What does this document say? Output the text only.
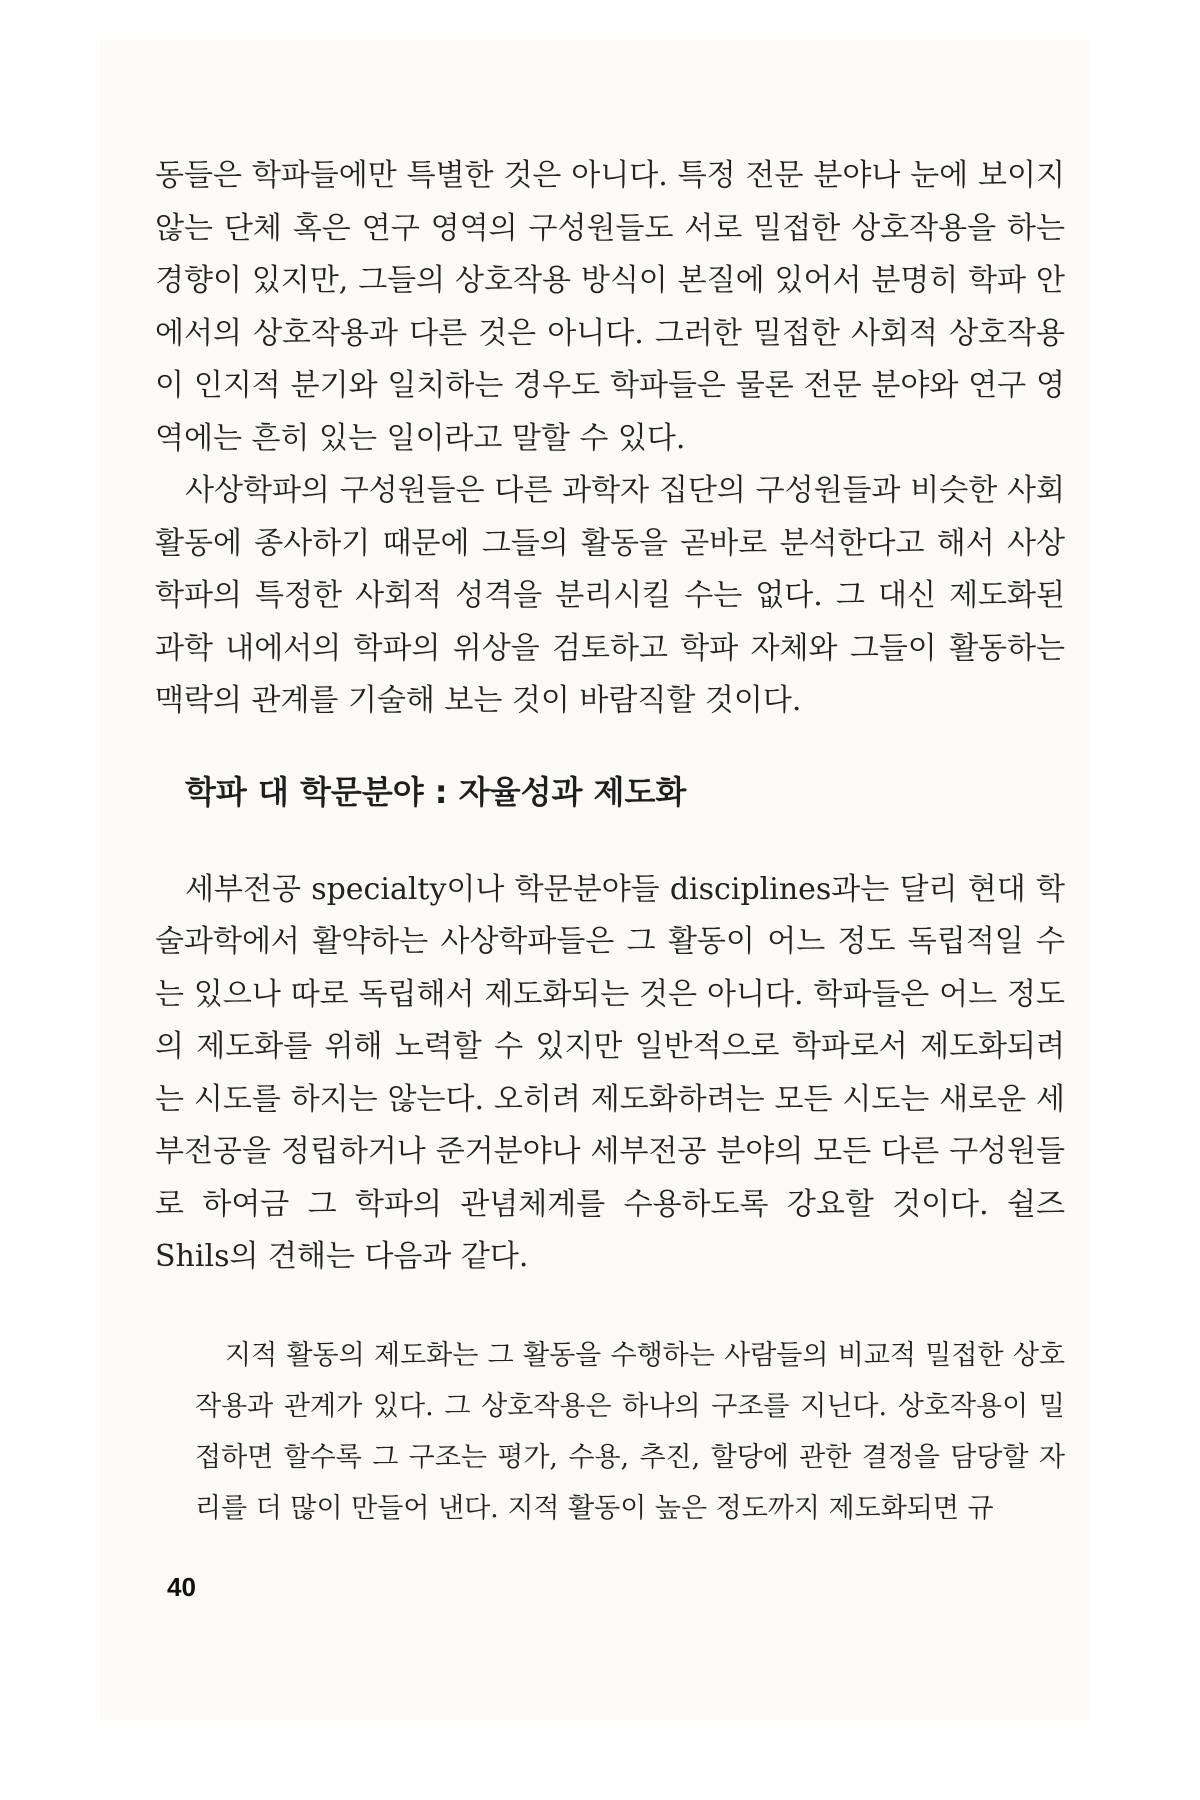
동들은 학파들에만 특별한 것은 아니다. 특정 전문 분야나 눈에 보이지 않는 단체 혹은 연구 영역의 구성원들도 서로 밀접한 상호작용을 하는 경향이 있지만, 그들의 상호작용 방식이 본질에 있어서 분명히 학파 안에서의 상호작용과 다른 것은 아니다. 그러한 밀접한 사회적 상호작용이 인지적 분기와 일치하는 경우도 학파들은 물론 전문 분야와 연구 영역에는 흔히 있는 일이라고 말할 수 있다.

사상학파의 구성원들은 다른 과학자 집단의 구성원들과 비슷한 사회활동에 종사하기 때문에 그들의 활동을 곧바로 분석한다고 해서 사상학파의 특정한 사회적 성격을 분리시킬 수는 없다. 그 대신 제도화된 과학 내에서의 학파의 위상을 검토하고 학파 자체와 그들이 활동하는 맥락의 관계를 기술해 보는 것이 바람직할 것이다.

학파 대 학문분야 : 자율성과 제도화

세부전공 specialty이나 학문분야들 disciplines과는 달리 현대 학술과학에서 활약하는 사상학파들은 그 활동이 어느 정도 독립적일 수는 있으나 따로 독립해서 제도화되는 것은 아니다. 학파들은 어느 정도의 제도화를 위해 노력할 수 있지만 일반적으로 학파로서 제도화되려는 시도를 하지는 않는다. 오히려 제도화하려는 모든 시도는 새로운 세부전공을 정립하거나 준거분야나 세부전공 분야의 모든 다른 구성원들로 하여금 그 학파의 관념체계를 수용하도록 강요할 것이다. 쉴즈 Shils의 견해는 다음과 같다.

지적 활동의 제도화는 그 활동을 수행하는 사람들의 비교적 밀접한 상호작용과 관계가 있다. 그 상호작용은 하나의 구조를 지닌다. 상호작용이 밀접하면 할수록 그 구조는 평가, 수용, 추진, 할당에 관한 결정을 담당할 자리를 더 많이 만들어 낸다. 지적 활동이 높은 정도까지 제도화되면 규

40
